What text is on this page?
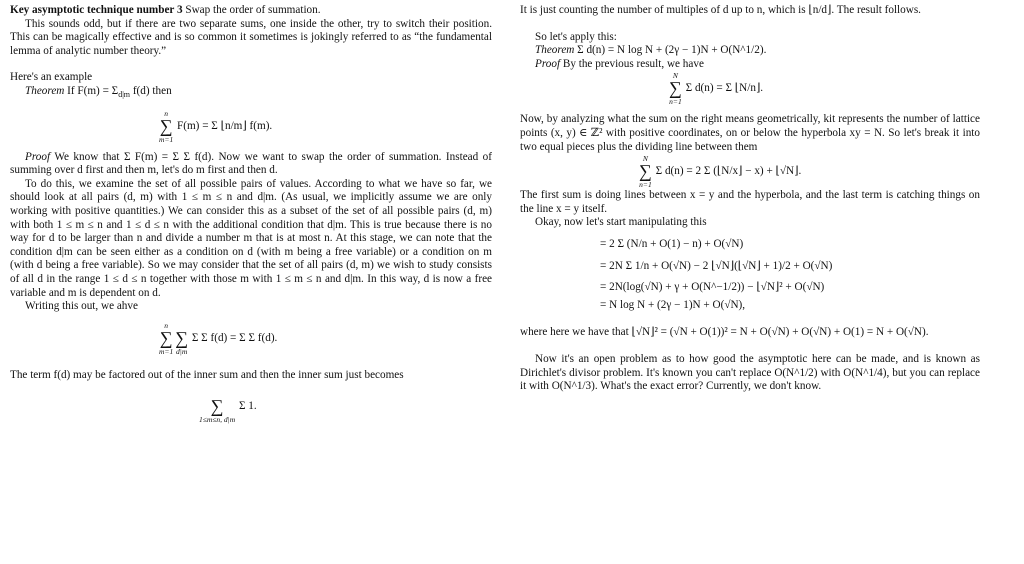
Key asymptotic technique number 3 Swap the order of summation.

This sounds odd, but if there are two separate sums, one inside the other, try to switch their position. This can be magically effective and is so common it sometimes is jokingly referred to as “the fundamental lemma of analytic number theory.”

Here's an example

Theorem If $F(m) = \Sigma_{d|m}$ f(d) then

n
∑
m=1
F(m) = Σ ⌊n/m⌋ f(m).

Proof We know that Σ F(m) = Σ Σ f(d). Now we want to swap the order of summation. Instead of summing over d first and then m, let's do m first and then d.

To do this, we examine the set of all possible pairs of values. According to what we have so far, we should look at all pairs (d, m) with 1 ≤ m ≤ n and d|m. (As usual, we implicitly assume we are only working with positive quantities.) We can consider this as a subset of the set of all possible pairs (d, m) with both 1 ≤ m ≤ n and 1 ≤ d ≤ n with the additional condition that d|m. This is true because there is no way for d to be larger than n and divide a number m that is at most n. At this stage, we can note that the condition d|m can be seen either as a condition on d (with m being a free variable) or a condition on m (with d being a free variable). So we may consider that the set of all pairs (d, m) we wish to study consists of all d in the range 1 ≤ d ≤ n together with those m with 1 ≤ m ≤ n and d|m. In this way, d is now a free variable and m is dependent on d.

Writing this out, we ahve

n
∑
m=1

∑
d|m
Σ Σ f(d) = Σ Σ f(d).

The term f(d) may be factored out of the inner sum and then the inner sum just becomes

∑
1≤m≤n, d|m
Σ 1.

It is just counting the number of multiples of d up to n, which is ⌊n/d⌋. The result follows.

So let's apply this:

Theorem Σ d(n) = N log N + (2γ − 1)N + O(N^1/2).

Proof By the previous result, we have

N
∑
n=1
Σ d(n) = Σ ⌊N/n⌋.

Now, by analyzing what the sum on the right means geometrically, kit represents the number of lattice points (x, y) ∈ ℤ² with positive coordinates, on or below the hyperbola xy = N. So let's break it into two equal pieces plus the dividing line between them

N
∑
n=1
Σ d(n) = 2 Σ (⌊N/x⌋ − x) + ⌊√N⌋.

The first sum is doing lines between x = y and the hyperbola, and the last term is catching things on the line x = y itself.

Okay, now let's start manipulating this

= 2 Σ (N/n + O(1) − n) + O(√N)
= 2N Σ 1/n + O(√N) − 2 ⌊√N⌋(⌊√N⌋ + 1)/2 + O(√N)
= 2N(log(√N) + γ + O(N^−1/2)) − ⌊√N⌋² + O(√N)
= N log N + (2γ − 1)N + O(√N),

where here we have that ⌊√N⌋² = (√N + O(1))² = N + O(√N) + O(√N) + O(1) = N + O(√N).

Now it's an open problem as to how good the asymptotic here can be made, and is known as Dirichlet's divisor problem. It's known you can't replace O(N^1/2) with O(N^1/4), but you can replace it with O(N^1/3). What's the exact error? Currently, we don't know.
